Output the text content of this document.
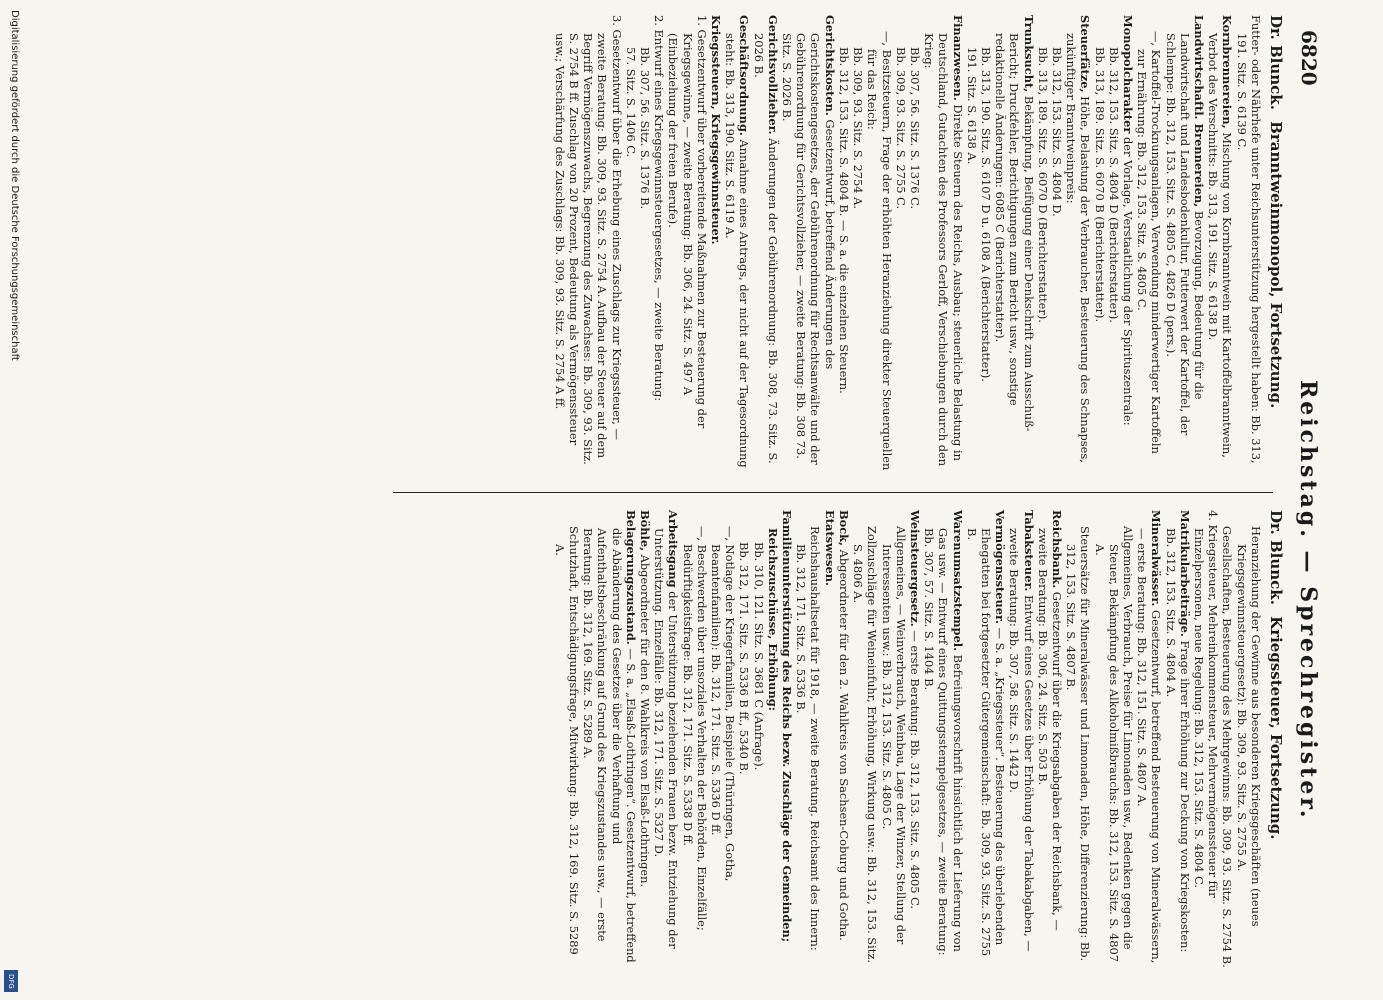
6820
Reichstag. — Sprechregister.
Dr. Blunck. Branntweinmonopol, Fortsetzung.

Futter- oder Nährhefe unter Reichsunterstützung hergestellt haben: Bb. 313, 191. Sitz. S. 6139 C.

Kornbrennereien, Mischung von Kornbranntwein mit Kartoffelbranntwein, Verbot des Verschnitts: Bb. 313, 191. Sitz. S. 6138 D.

Landwirtschaftl. Brennereien, Bevorzugung, Bedeutung für die Landwirtschaft und Landesbodenkultur, Futterwert der Kartoffel, der Schlempe: Bb. 312, 153. Sitz. S. 4805 C, 4826 D (pers.).

—, Kartoffel-Trocknungsanlagen, Verwendung minderwertiger Kartoffeln zur Ernährung: Bb. 312, 153. Sitz. S. 4805 C.

Monopolcharakter der Vorlage, Verstaatlichung der Spirituszentrale:

Bb. 312, 153. Sitz. S. 4804 D (Berichterstatter).

Bb. 313, 189. Sitz. S. 6070 B (Berichterstatter).

Steuerfätze, Höhe, Belastung der Verbraucher, Besteuerung des Schnapses, zukünftiger Branntweinpreis:

Bb. 312, 153. Sitz. S. 4804 D.

Bb. 313, 189. Sitz. S. 6070 D (Berichterstatter).

Trunksucht, Bekämpfung, Beifügung einer Denkschrift zum Ausschuß-Bericht; Druckfehler, Berichtigungen zum Bericht usw., sonstige redaktionelle Änderungen: 6085 C (Berichterstatter).

Bb. 313, 190. Sitz. S. 6107 D u. 6108 A (Berichterstatter).

191. Sitz. S. 6138 A.

Finanzwesen. Direkte Steuern des Reichs, Ausbau; steuerliche Belastung in Deutschland, Gutachten des Professors Gerloff, Verschiebungen durch den Krieg:

Bb. 307, 56. Sitz. S. 1376 C.

Bb. 309, 93. Sitz. S. 2755 C.

—, Besitzsteuern, Frage der erhöhten Heranziehung direkter Steuerquellen für das Reich:

Bb. 309, 93. Sitz. S. 2754 A.

Bb. 312, 153. Sitz. S. 4804 B. — S. a. die einzelnen Steuern.

Gerichtskosten. Gesetzentwurf, betreffend Änderungen des Gerichtskostengesetzes, der Gebührenordnung für Rechtsanwälte und der Gebührenordnung für Gerichtsvollzieher, — zweite Beratung: Bb. 308 73. Sitz. S. 2026 B.

Gerichtsvollzieher. Änderungen der Gebührenordnung: Bb. 308, 73. Sitz. S. 2026 B.

Geschäftsordnung. Annahme eines Antrags, der nicht auf der Tagesordnung steht: Bb. 313, 190. Sitz. S. 6119 A.

Kriegssteuern, Kriegsgewinnsteuer.

1. Gesetzentwurf über vorbereitende Maßnahmen zur Besteuerung der Kriegsgewinne, — zweite Beratung: Bb. 306, 24. Sitz. S. 497 A (Einbeziehung der freien Berufe).

2. Entwurf eines Kriegsgewinnsteuergesetzes, — zweite Beratung:

Bb. 307, 56. Sitz. S. 1376 B.

57. Sitz. S. 1406 C.

3. Gesetzentwurf über die Erhebung eines Zuschlags zur Kriegssteuer, — zweite Beratung: Bb. 309, 93. Sitz. S. 2754 A. Aufbau der Steuer auf dem Begriff Vermögenszuwachs, Begrenzung des Zuwachses: Bb. 309, 93. Sitz. S. 2754 B ff. Zuschlag von 20 Prozent, Bedeutung als Vermögenssteuer usw.; Verschärfung des Zuschlags: Bb. 309, 93. Sitz. S. 2754 A ff.

Dr. Blunck. Kriegssteuer, Fortsetzung.

Heranziehung der Gewinne aus besonderen Kriegsgeschäften (neues Kriegsgewinnsteuergesetz): Bb. 309, 93. Sitz. S. 2755 A.

Gesellschaften, Besteuerung des Mehrgewinns: Bb. 309, 93. Sitz. S. 2754 B.

4. Kriegssteuer, Mehreinkommensteuer, Mehrvermögenssteuer für Einzelpersonen, neue Regelung: Bb. 312, 153. Sitz. S. 4804 C.

Matrikularbeiträge. Frage ihrer Erhöhung zur Deckung von Kriegskosten: Bb. 312, 153. Sitz. S. 4804 A.

Mineralwässer. Gesetzentwurf, betreffend Besteuerung von Mineralwässern, — erste Beratung: Bb. 312, 151. Sitz. S. 4807 A.

Allgemeines, Verbrauch, Preise für Limonaden usw., Bedenken gegen die Steuer, Bekämpfung des Alkoholmißbrauchs: Bb. 312, 153. Sitz. S. 4807 A.

Steuersätze für Mineralwässer und Limonaden, Höhe, Differenzierung: Bb. 312, 153. Sitz. S. 4807 B.

Reichsbank. Gesetzentwurf über die Kriegsabgaben der Reichsbank, — zweite Beratung: Bb. 306, 24. Sitz. S. 503 B.

Tabaksteuer. Entwurf eines Gesetzes über Erhöhung der Tabakabgaben, — zweite Beratung: Bb. 307, 58. Sitz. S. 1442 D.

Vermögenssteuer. — S. a. „Kriegssteuer“. Besteuerung des überlebenden Ehegatten bei fortgesetzter Gütergemeinschaft: Bb. 309, 93. Sitz. S. 2755 B.

Warenumsatzstempel. Befreiungsvorschrift hinsichtlich der Lieferung von Gas usw. — Entwurf eines Quittungsstempelgesetzes, — zweite Beratung: Bb. 307, 57. Sitz. S. 1404 B.

Weinsteuergesetz. — erste Beratung: Bb. 312, 153. Sitz. S. 4805 C.

Allgemeines, — Weinverbrauch, Weinbau, Lage der Winzer, Stellung der Interessenten usw.: Bb. 312, 153. Sitz. S. 4805 C.

Zollzuschläge für Weineinfuhr, Erhöhung, Wirkung usw.: Bb. 312, 153. Sitz. S. 4806 A.

Bock, Abgeordneter für den 2. Wahlkreis von Sachsen-Coburg und Gotha.

Etatswesen.

Reichshaushaltsetat für 1918, — zweite Beratung. Reichsamt des Innern: Bb. 312, 171. Sitz. S. 5336 B.

Familienunterstützung des Reichs bezw. Zuschläge der Gemeinden; Reichszuschüsse, Erhöhung:

Bb. 310, 121. Sitz. S. 3681 C (Anfrage).

Bb. 312, 171. Sitz. S. 5336 B ff., 5340 B.

—, Notlage der Kriegerfamilien, Beispiele (Thüringen, Gotha, Beamtenfamilien): Bb. 312, 171. Sitz. S. 5336 D ff.

—, Beschwerden über unsoziales Verhalten der Behörden, Einzelfälle; Bedürftigkeitsfrage: Bb. 312, 171. Sitz. S. 5338 D ff.

Arbeitsgang der Unterstützung beziehenden Frauen bezw. Entziehung der Unterstützung. Einzelfälle: Bb. 312, 171. Sitz. S. 5327 D.

Böhle, Abgeordneter für den 8. Wahlkreis von Elsaß-Lothringen.

Belagerungszustand. — S. a. „Elsaß-Lothringen“. Gesetzentwurf, betreffend die Abänderung des Gesetzes über die Verhaftung und Aufenthaltsbeschränkung auf Grund des Kriegszustandes usw., — erste Beratung: Bb. 312, 169. Sitz. S. 5289 A.

Schutzhaft, Entschädigungsfrage, Mitwirkung: Bb. 312, 169. Sitz. S. 5289 A.

Digitalisierung gefördert durch die Deutsche Forschungsgemeinschaft
DFG
